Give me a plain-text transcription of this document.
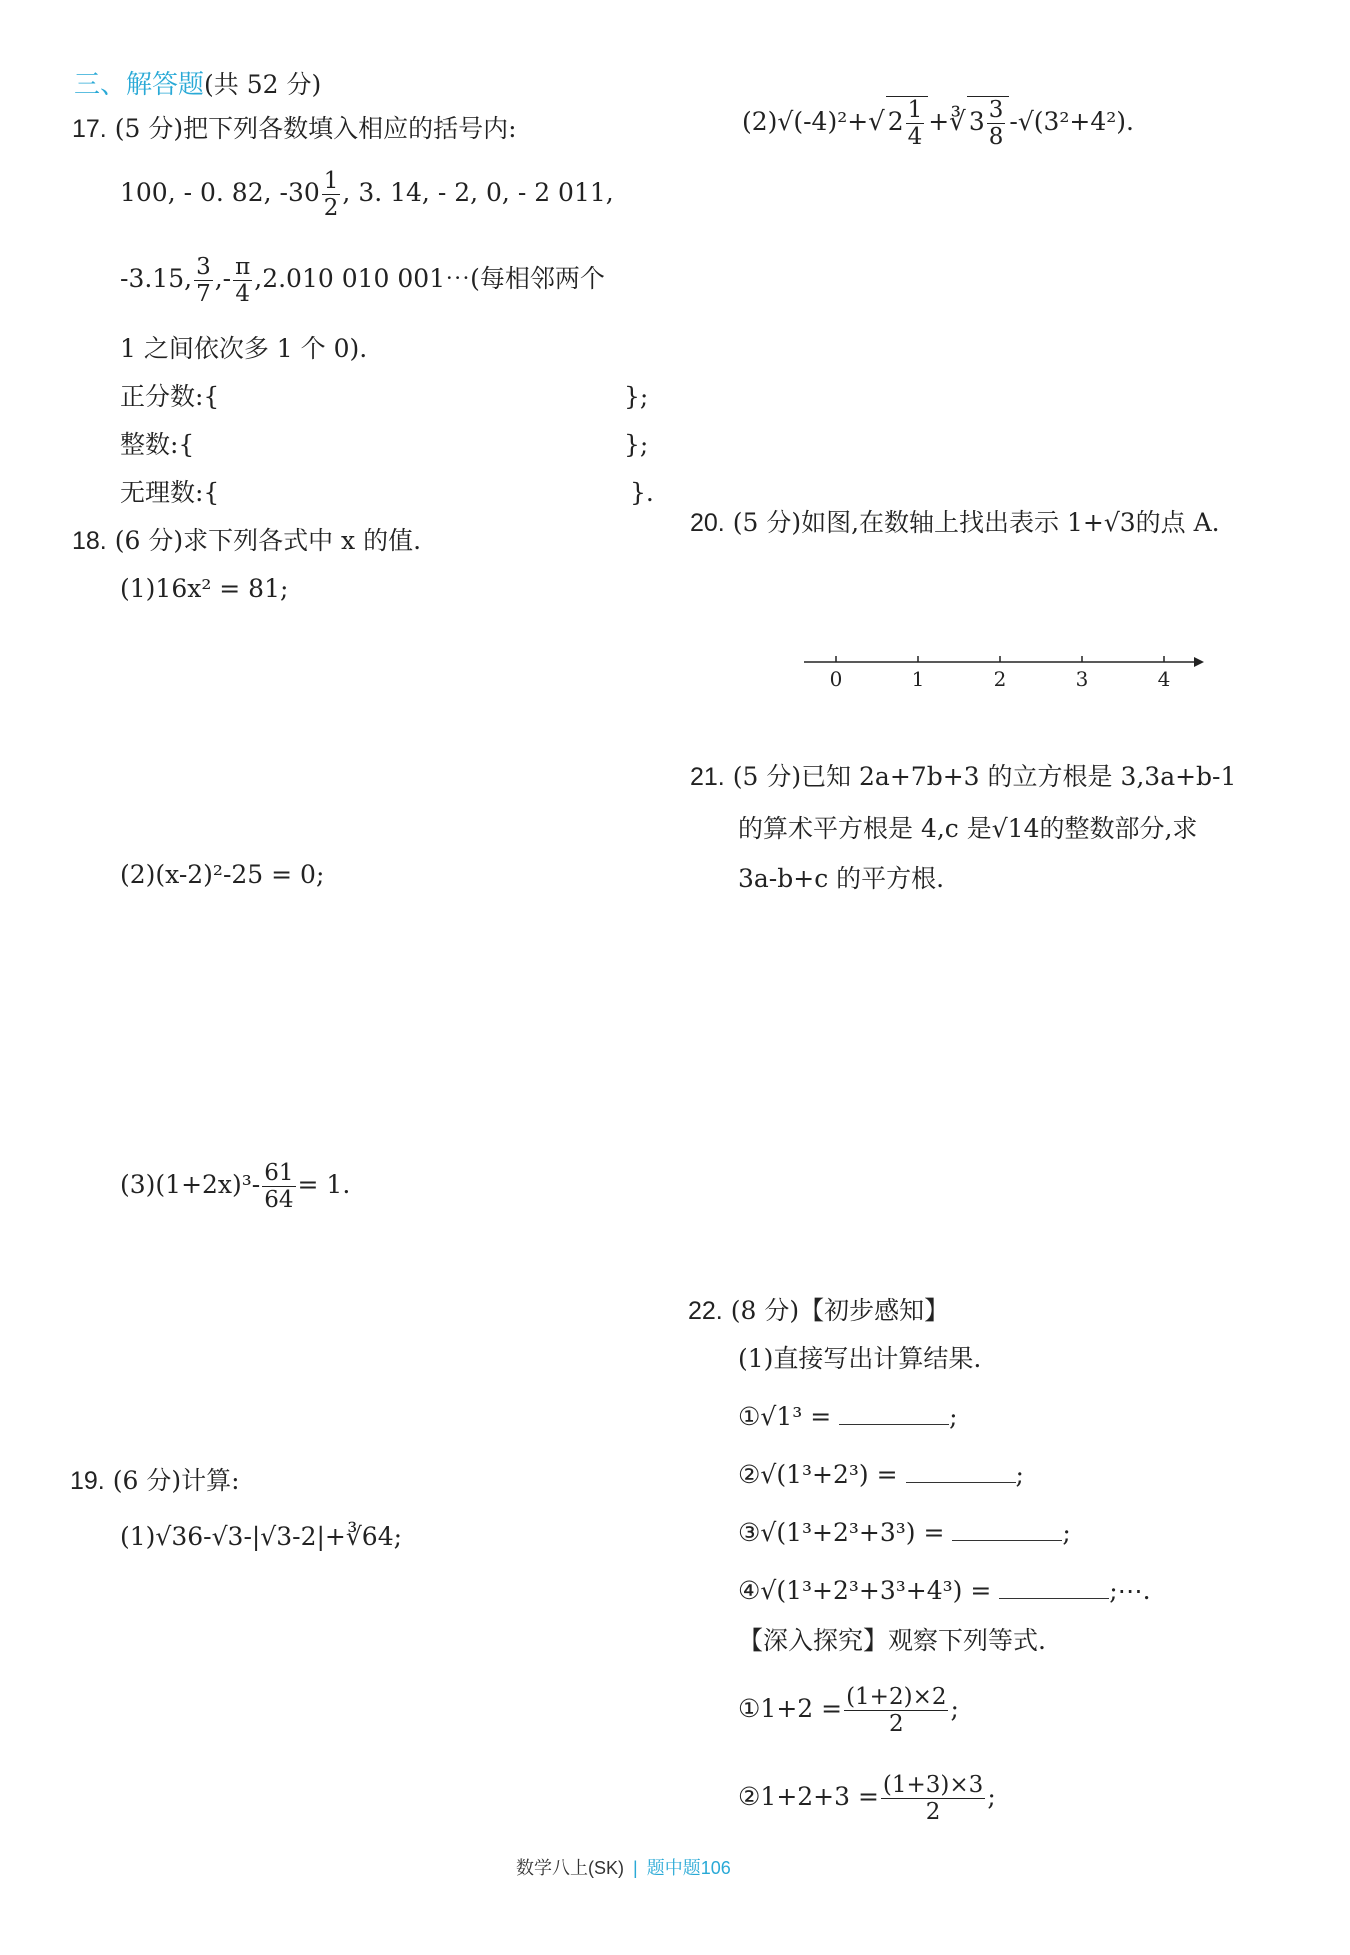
三、解答题(共 52 分)
17. (5 分)把下列各数填入相应的括号内:
100, - 0. 82, $-30 \frac{1}{2}$ , 3. 14, - 2, 0, - 2 011,
-3.15, $\frac{3}{7}$ ,- $\frac{\pi}{4} ,2.010$ 010 001⋯(每相邻两个
1 之间依次多 1 个 0).
正分数:{	};
整数:{	};
无理数:{	}.
18. (6 分)求下列各式中 x 的值.
(1)16x² = 81;
(2)(x-2)²-25 = 0;
$(3)(1+2x)^3- \frac{61}{64} = 1$.
19. (6 分)计算:
(1)√36-√3-|√3-2|+∛64;
(2)√(-4)²+√ $2 \frac{1}{4}$ +∛ $3 \frac{3}{8} -√(3^2+4^2)$.
20. (5 分)如图,在数轴上找出表示 1+√3的点 A.
0	1	2	3	4
21. (5 分)已知 2a+7b+3 的立方根是 3,3a+b-1
的算术平方根是 4,c 是√14的整数部分,求
3a-b+c 的平方根.
22. (8 分)【初步感知】
(1)直接写出计算结果.
①√1³ =	;
②√(1³+2³) =	;
③√(1³+2³+3³) =	;
④√(1³+2³+3³+4³) =	;⋯.
【深入探究】观察下列等式.
①1+2 = $\frac{(1+2)\times 2}{2}$ ;
②1+2+3 = $\frac{(1+3)\times 3}{2}$ ;
数学八上(SK) | 题中题106
